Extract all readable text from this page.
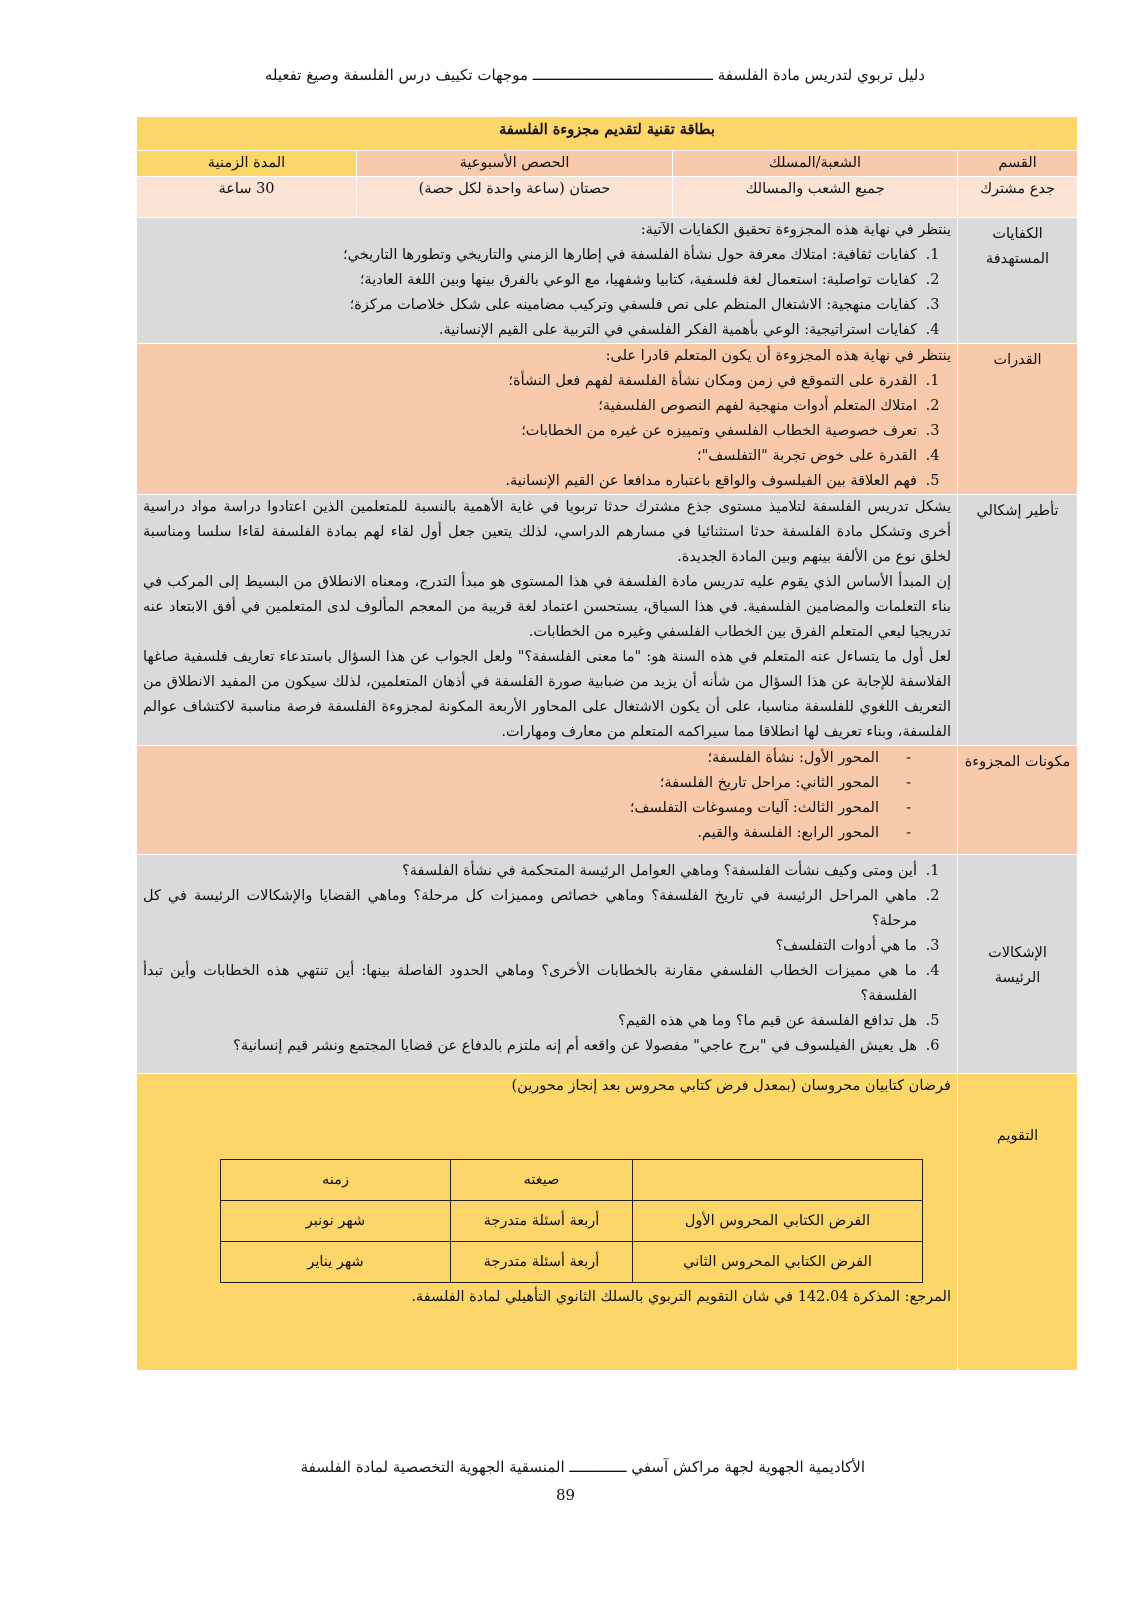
دليل تربوي لتدريس مادة الفلسفة ـــــــــــــــــــــــــــــــــــــــــ موجهات تكييف درس الفلسفة وصيغ تفعيله
بطاقة تقنية لتقديم مجزوءة الفلسفة
القسم	الشعبة/المسلك	الحصص الأسبوعية	المدة الزمنية
جدع مشترك	جميع الشعب والمسالك	حصتان (ساعة واحدة لكل حصة)	30 ساعة
الكفايات المستهدفة	

ينتظر في نهاية هذه المجزوءة تحقيق الكفايات الآتية:

1. كفايات ثقافية: امتلاك معرفة حول نشأة الفلسفة في إطارها الزمني والتاريخي وتطورها التاريخي؛
2. كفايات تواصلية: استعمال لغة فلسفية، كتابيا وشفهيا، مع الوعي بالفرق بينها وبين اللغة العادية؛
3. كفايات منهجية: الاشتغال المنظم على نص فلسفي وتركيب مضامينه على شكل خلاصات مركزة؛
4. كفايات استراتيجية: الوعي بأهمية الفكر الفلسفي في التربية على القيم الإنسانية.

القدرات	

ينتظر في نهاية هذه المجزوءة أن يكون المتعلم قادرا على:

1. القدرة على التموقع في زمن ومكان نشأة الفلسفة لفهم فعل النشأة؛
2. امتلاك المتعلم أدوات منهجية لفهم النصوص الفلسفية؛
3. تعرف خصوصية الخطاب الفلسفي وتمييزه عن غيره من الخطابات؛
4. القدرة على خوض تجربة "التفلسف"؛
5. فهم العلاقة بين الفيلسوف والواقع باعتباره مدافعا عن القيم الإنسانية.

تأطير إشكالي	

يشكل تدريس الفلسفة لتلاميذ مستوى جذع مشترك حدثا تربويا في غاية الأهمية بالنسبة للمتعلمين الذين اعتادوا دراسة مواد دراسية أخرى وتشكل مادة الفلسفة حدثا استثنائيا في مسارهم الدراسي، لذلك يتعين جعل أول لقاء لهم بمادة الفلسفة لقاءا سلسا ومناسبة لخلق نوع من الألفة بينهم وبين المادة الجديدة.

إن المبدأ الأساس الذي يقوم عليه تدريس مادة الفلسفة في هذا المستوى هو مبدأ التدرج، ومعناه الانطلاق من البسيط إلى المركب في بناء التعلمات والمضامين الفلسفية. في هذا السياق، يستحسن اعتماد لغة قريبة من المعجم المألوف لدى المتعلمين في أفق الابتعاد عنه تدريجيا ليعي المتعلم الفرق بين الخطاب الفلسفي وغيره من الخطابات.

لعل أول ما يتساءل عنه المتعلم في هذه السنة هو: "ما معنى الفلسفة؟" ولعل الجواب عن هذا السؤال باستدعاء تعاريف فلسفية صاغها الفلاسفة للإجابة عن هذا السؤال من شأنه أن يزيد من ضبابية صورة الفلسفة في أذهان المتعلمين، لذلك سيكون من المفيد الانطلاق من التعريف اللغوي للفلسفة مناسبا، على أن يكون الاشتغال على المحاور الأربعة المكونة لمجزوءة الفلسفة فرصة مناسبة لاكتشاف عوالم الفلسفة، وبناء تعريف لها انطلاقا مما سيراكمه المتعلم من معارف ومهارات.

مكونات المجزوءة	
- المحور الأول: نشأة الفلسفة؛
- المحور الثاني: مراحل تاريخ الفلسفة؛
- المحور الثالث: آليات ومسوغات التفلسف؛
- المحور الرابع: الفلسفة والقيم.

الإشكالات الرئيسة	
1. أين ومتى وكيف نشأت الفلسفة؟ وماهي العوامل الرئيسة المتحكمة في نشأة الفلسفة؟
2. ماهي المراحل الرئيسة في تاريخ الفلسفة؟ وماهي خصائص ومميزات كل مرحلة؟ وماهي القضايا والإشكالات الرئيسة في كل مرحلة؟
3. ما هي أدوات التفلسف؟
4. ما هي مميزات الخطاب الفلسفي مقارنة بالخطابات الأخرى؟ وماهي الحدود الفاصلة بينها: أين تنتهي هذه الخطابات وأين تبدأ الفلسفة؟
5. هل تدافع الفلسفة عن قيم ما؟ وما هي هذه القيم؟
6. هل يعيش الفيلسوف في "برج عاجي" مفصولا عن واقعه أم إنه ملتزم بالدفاع عن قضايا المجتمع ونشر قيم إنسانية؟

التقويم	

فرضان كتابيان محروسان (بمعدل فرض كتابي محروس بعد إنجاز محورين)

	صيغته	زمنه
الفرض الكتابي المحروس الأول	أربعة أسئلة متدرجة	شهر نونبر
الفرض الكتابي المحروس الثاني	أربعة أسئلة متدرجة	شهر يناير

المرجع: المذكرة 142.04 في شان التقويم التربوي بالسلك الثانوي التأهيلي لمادة الفلسفة.

الأكاديمية الجهوية لجهة مراكش آسفي ـــــــــــــ المنسقية الجهوية التخصصية لمادة الفلسفة
89
